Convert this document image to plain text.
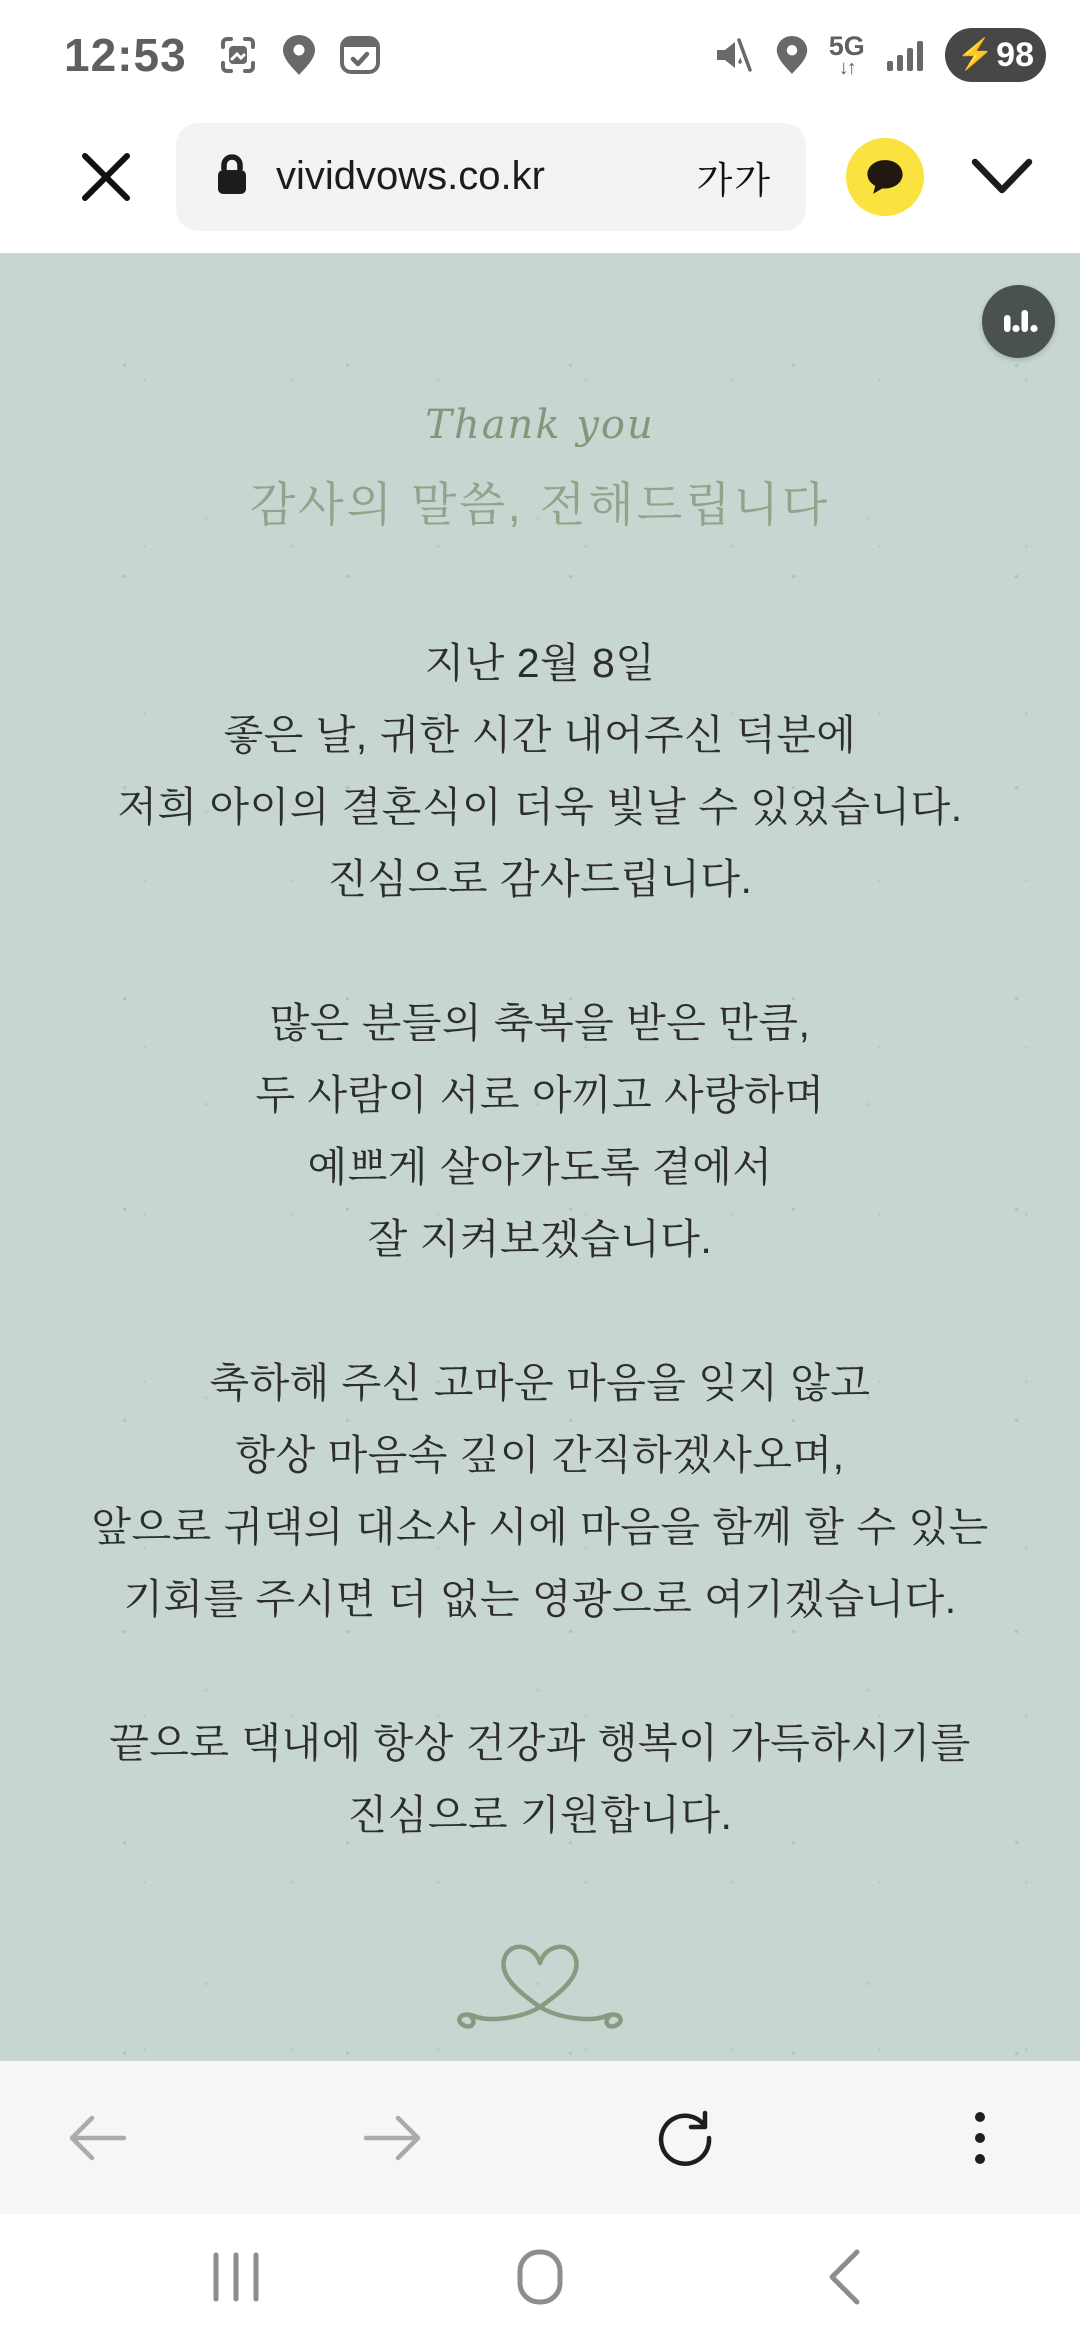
12:53	5G
↓↑	⚡ 98
vividvows.co.kr	가가
Thank you
감사의 말씀, 전해드립니다
지난 2월 8일
좋은 날, 귀한 시간 내어주신 덕분에
저희 아이의 결혼식이 더욱 빛날 수 있었습니다.
진심으로 감사드립니다.
많은 분들의 축복을 받은 만큼,
두 사람이 서로 아끼고 사랑하며
예쁘게 살아가도록 곁에서
잘 지켜보겠습니다.
축하해 주신 고마운 마음을 잊지 않고
항상 마음속 깊이 간직하겠사오며,
앞으로 귀댁의 대소사 시에 마음을 함께 할 수 있는
기회를 주시면 더 없는 영광으로 여기겠습니다.
끝으로 댁내에 항상 건강과 행복이 가득하시기를
진심으로 기원합니다.
